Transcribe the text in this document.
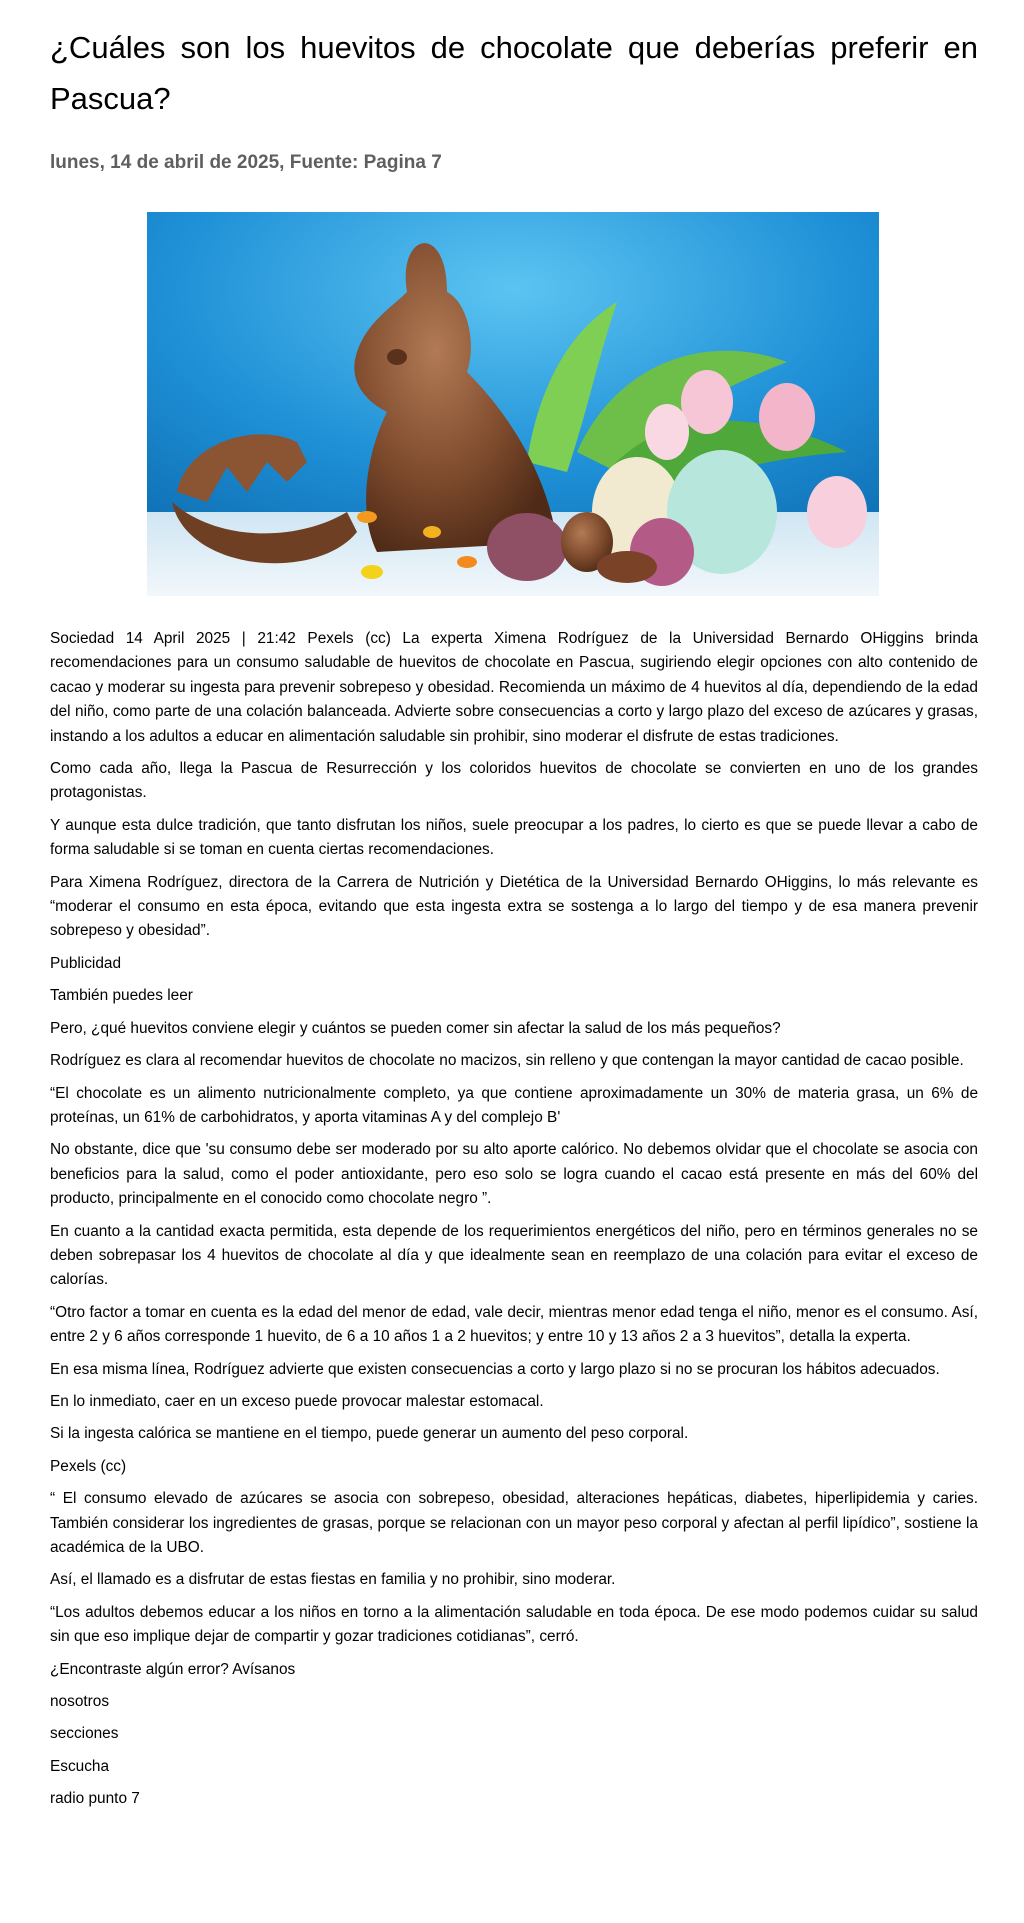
¿Cuáles son los huevitos de chocolate que deberías preferir en Pascua?
lunes, 14 de abril de 2025, Fuente: Pagina 7

Sociedad 14 April 2025 | 21:42 Pexels (cc) La experta Ximena Rodríguez de la Universidad Bernardo OHiggins brinda recomendaciones para un consumo saludable de huevitos de chocolate en Pascua, sugiriendo elegir opciones con alto contenido de cacao y moderar su ingesta para prevenir sobrepeso y obesidad. Recomienda un máximo de 4 huevitos al día, dependiendo de la edad del niño, como parte de una colación balanceada. Advierte sobre consecuencias a corto y largo plazo del exceso de azúcares y grasas, instando a los adultos a educar en alimentación saludable sin prohibir, sino moderar el disfrute de estas tradiciones.

Como cada año, llega la Pascua de Resurrección y los coloridos huevitos de chocolate se convierten en uno de los grandes protagonistas.

Y aunque esta dulce tradición, que tanto disfrutan los niños, suele preocupar a los padres, lo cierto es que se puede llevar a cabo de forma saludable si se toman en cuenta ciertas recomendaciones.

Para Ximena Rodríguez, directora de la Carrera de Nutrición y Dietética de la Universidad Bernardo OHiggins, lo más relevante es “moderar el consumo en esta época, evitando que esta ingesta extra se sostenga a lo largo del tiempo y de esa manera prevenir sobrepeso y obesidad”.

Publicidad

También puedes leer

Pero, ¿qué huevitos conviene elegir y cuántos se pueden comer sin afectar la salud de los más pequeños?

Rodríguez es clara al recomendar huevitos de chocolate no macizos, sin relleno y que contengan la mayor cantidad de cacao posible.

“El chocolate es un alimento nutricionalmente completo, ya que contiene aproximadamente un 30% de materia grasa, un 6% de proteínas, un 61% de carbohidratos, y aporta vitaminas A y del complejo B'

No obstante, dice que 'su consumo debe ser moderado por su alto aporte calórico. No debemos olvidar que el chocolate se asocia con beneficios para la salud, como el poder antioxidante, pero eso solo se logra cuando el cacao está presente en más del 60% del producto, principalmente en el conocido como chocolate negro ”.

En cuanto a la cantidad exacta permitida, esta depende de los requerimientos energéticos del niño, pero en términos generales no se deben sobrepasar los 4 huevitos de chocolate al día y que idealmente sean en reemplazo de una colación para evitar el exceso de calorías.

“Otro factor a tomar en cuenta es la edad del menor de edad, vale decir, mientras menor edad tenga el niño, menor es el consumo. Así, entre 2 y 6 años corresponde 1 huevito, de 6 a 10 años 1 a 2 huevitos; y entre 10 y 13 años 2 a 3 huevitos”, detalla la experta.

En esa misma línea, Rodríguez advierte que existen consecuencias a corto y largo plazo si no se procuran los hábitos adecuados.

En lo inmediato, caer en un exceso puede provocar malestar estomacal.

Si la ingesta calórica se mantiene en el tiempo, puede generar un aumento del peso corporal.

Pexels (cc)

“ El consumo elevado de azúcares se asocia con sobrepeso, obesidad, alteraciones hepáticas, diabetes, hiperlipidemia y caries. También considerar los ingredientes de grasas, porque se relacionan con un mayor peso corporal y afectan al perfil lipídico”, sostiene la académica de la UBO.

Así, el llamado es a disfrutar de estas fiestas en familia y no prohibir, sino moderar.

“Los adultos debemos educar a los niños en torno a la alimentación saludable en toda época. De ese modo podemos cuidar su salud sin que eso implique dejar de compartir y gozar tradiciones cotidianas”, cerró.

¿Encontraste algún error? Avísanos

nosotros

secciones

Escucha

radio punto 7
